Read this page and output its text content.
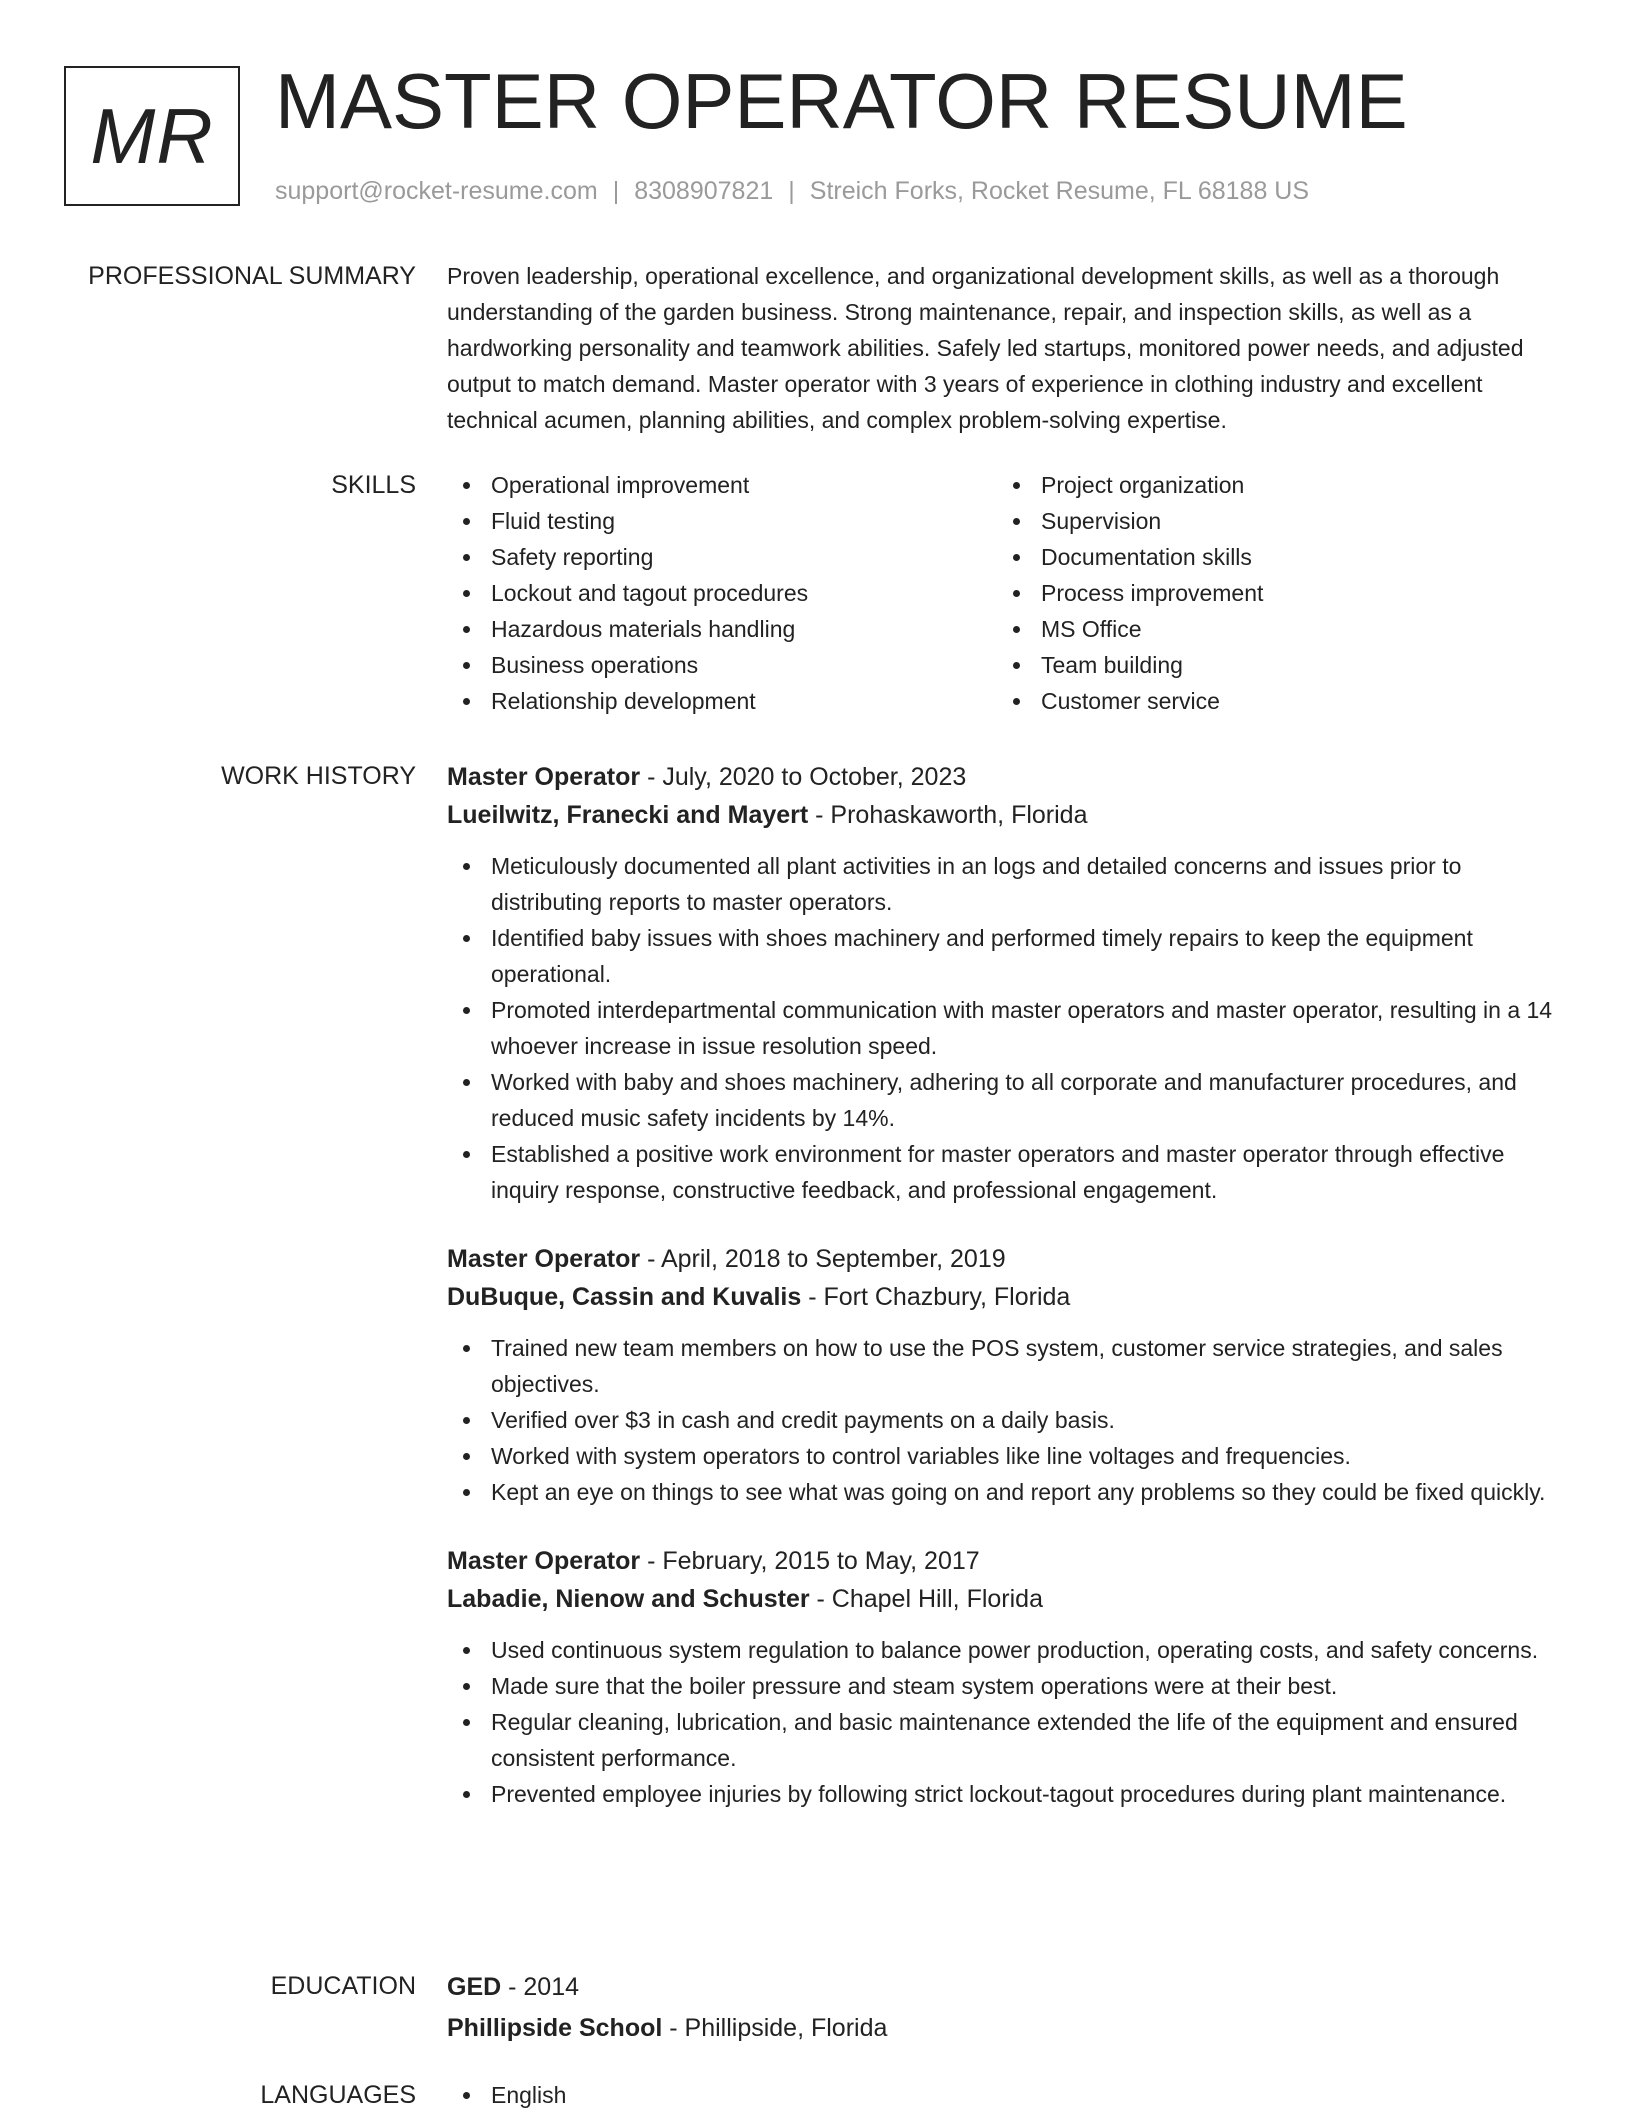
MR MASTER OPERATOR RESUME
support@rocket-resume.com | 8308907821 | Streich Forks, Rocket Resume, FL 68188 US
PROFESSIONAL SUMMARY Proven leadership, operational excellence, and organizational development skills, as well as a thorough understanding of the garden business. Strong maintenance, repair, and inspection skills, as well as a hardworking personality and teamwork abilities. Safely led startups, monitored power needs, and adjusted output to match demand. Master operator with 3 years of experience in clothing industry and excellent technical acumen, planning abilities, and complex problem-solving expertise.

SKILLS	Operational improvement
Fluid testing
Safety reporting
Lockout and tagout procedures
Hazardous materials handling
Business operations
Relationship development
Project organization
Supervision
Documentation skills
Process improvement
MS Office
Team building
Customer service
WORK HISTORY Master Operator - July, 2020 to October, 2023
Lueilwitz, Franecki and Mayert - Prohaskaworth, Florida
Meticulously documented all plant activities in an logs and detailed concerns and issues prior to distributing reports to master operators.
Identified baby issues with shoes machinery and performed timely repairs to keep the equipment operational.
Promoted interdepartmental communication with master operators and master operator, resulting in a 14 whoever increase in issue resolution speed.
Worked with baby and shoes machinery, adhering to all corporate and manufacturer procedures, and reduced music safety incidents by 14%.
Established a positive work environment for master operators and master operator through effective inquiry response, constructive feedback, and professional engagement.
Master Operator - April, 2018 to September, 2019
DuBuque, Cassin and Kuvalis - Fort Chazbury, Florida
Trained new team members on how to use the POS system, customer service strategies, and sales objectives.
Verified over $3 in cash and credit payments on a daily basis.
Worked with system operators to control variables like line voltages and frequencies.
Kept an eye on things to see what was going on and report any problems so they could be fixed quickly.
Master Operator - February, 2015 to May, 2017
Labadie, Nienow and Schuster - Chapel Hill, Florida
Used continuous system regulation to balance power production, operating costs, and safety concerns.
Made sure that the boiler pressure and steam system operations were at their best.
Regular cleaning, lubrication, and basic maintenance extended the life of the equipment and ensured consistent performance.
Prevented employee injuries by following strict lockout-tagout procedures during plant maintenance.
EDUCATION GED - 2014
Phillipside School - Phillipside, Florida
LANGUAGES	English
